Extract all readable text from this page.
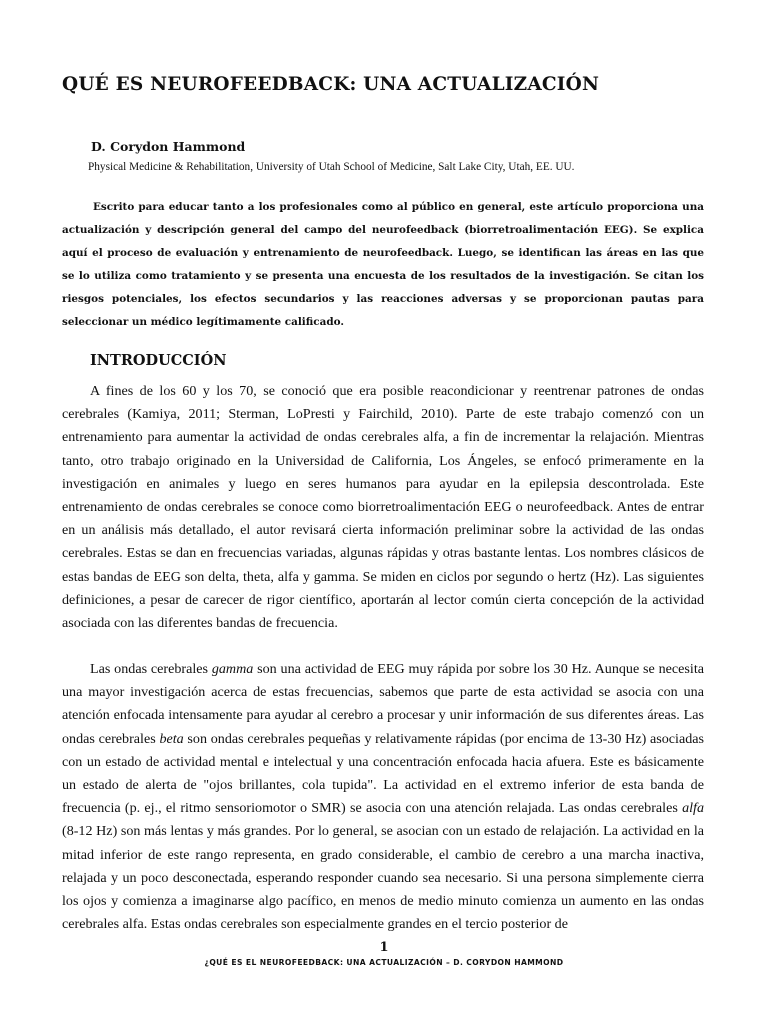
QUÉ ES NEUROFEEDBACK: UNA ACTUALIZACIÓN

D. Corydon Hammond

Physical Medicine & Rehabilitation, University of Utah School of Medicine, Salt Lake City, Utah, EE. UU.

Escrito para educar tanto a los profesionales como al público en general, este artículo proporciona una actualización y descripción general del campo del neurofeedback (biorretroalimentación EEG). Se explica aquí el proceso de evaluación y entrenamiento de neurofeedback. Luego, se identifican las áreas en las que se lo utiliza como tratamiento y se presenta una encuesta de los resultados de la investigación. Se citan los riesgos potenciales, los efectos secundarios y las reacciones adversas y se proporcionan pautas para seleccionar un médico legítimamente calificado.

INTRODUCCIÓN

A fines de los 60 y los 70, se conoció que era posible reacondicionar y reentrenar patrones de ondas cerebrales (Kamiya, 2011; Sterman, LoPresti y Fairchild, 2010). Parte de este trabajo comenzó con un entrenamiento para aumentar la actividad de ondas cerebrales alfa, a fin de incrementar la relajación. Mientras tanto, otro trabajo originado en la Universidad de California, Los Ángeles, se enfocó primeramente en la investigación en animales y luego en seres humanos para ayudar en la epilepsia descontrolada. Este entrenamiento de ondas cerebrales se conoce como biorretroalimentación EEG o neurofeedback. Antes de entrar en un análisis más detallado, el autor revisará cierta información preliminar sobre la actividad de las ondas cerebrales. Estas se dan en frecuencias variadas, algunas rápidas y otras bastante lentas. Los nombres clásicos de estas bandas de EEG son delta, theta, alfa y gamma. Se miden en ciclos por segundo o hertz (Hz). Las siguientes definiciones, a pesar de carecer de rigor científico, aportarán al lector común cierta concepción de la actividad asociada con las diferentes bandas de frecuencia.

Las ondas cerebrales gamma son una actividad de EEG muy rápida por sobre los 30 Hz. Aunque se necesita una mayor investigación acerca de estas frecuencias, sabemos que parte de esta actividad se asocia con una atención enfocada intensamente para ayudar al cerebro a procesar y unir información de sus diferentes áreas. Las ondas cerebrales beta son ondas cerebrales pequeñas y relativamente rápidas (por encima de 13-30 Hz) asociadas con un estado de actividad mental e intelectual y una concentración enfocada hacia afuera. Este es básicamente un estado de alerta de "ojos brillantes, cola tupida". La actividad en el extremo inferior de esta banda de frecuencia (p. ej., el ritmo sensoriomotor o SMR) se asocia con una atención relajada. Las ondas cerebrales alfa (8-12 Hz) son más lentas y más grandes. Por lo general, se asocian con un estado de relajación. La actividad en la mitad inferior de este rango representa, en grado considerable, el cambio de cerebro a una marcha inactiva, relajada y un poco desconectada, esperando responder cuando sea necesario. Si una persona simplemente cierra los ojos y comienza a imaginarse algo pacífico, en menos de medio minuto comienza un aumento en las ondas cerebrales alfa. Estas ondas cerebrales son especialmente grandes en el tercio posterior de

1

¿QUÉ ES EL NEUROFEEDBACK: UNA ACTUALIZACIÓN – D. CORYDON HAMMOND
